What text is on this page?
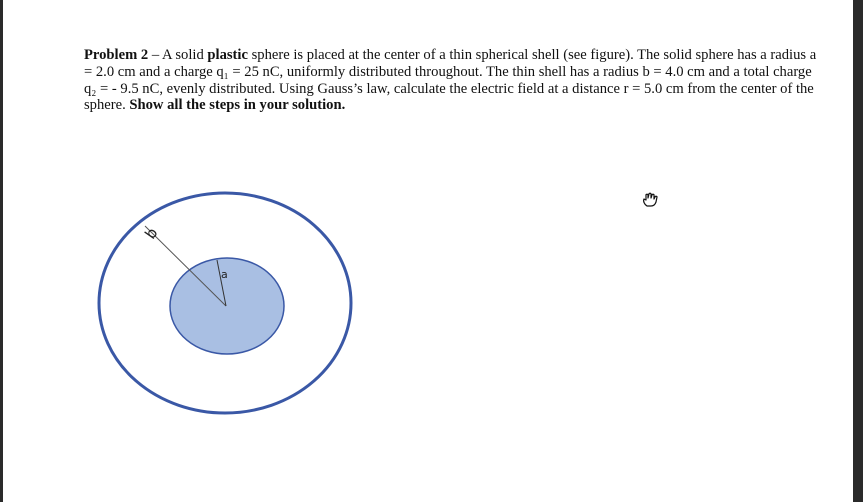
Problem 2 – A solid plastic sphere is placed at the center of a thin spherical shell (see figure). The solid sphere has a radius a = 2.0 cm and a charge q₁ = 25 nC, uniformly distributed throughout. The thin shell has a radius b = 4.0 cm and a total charge q₂ = - 9.5 nC, evenly distributed. Using Gauss’s law, calculate the electric field at a distance r = 5.0 cm from the center of the sphere. Show all the steps in your solution.

b
a
